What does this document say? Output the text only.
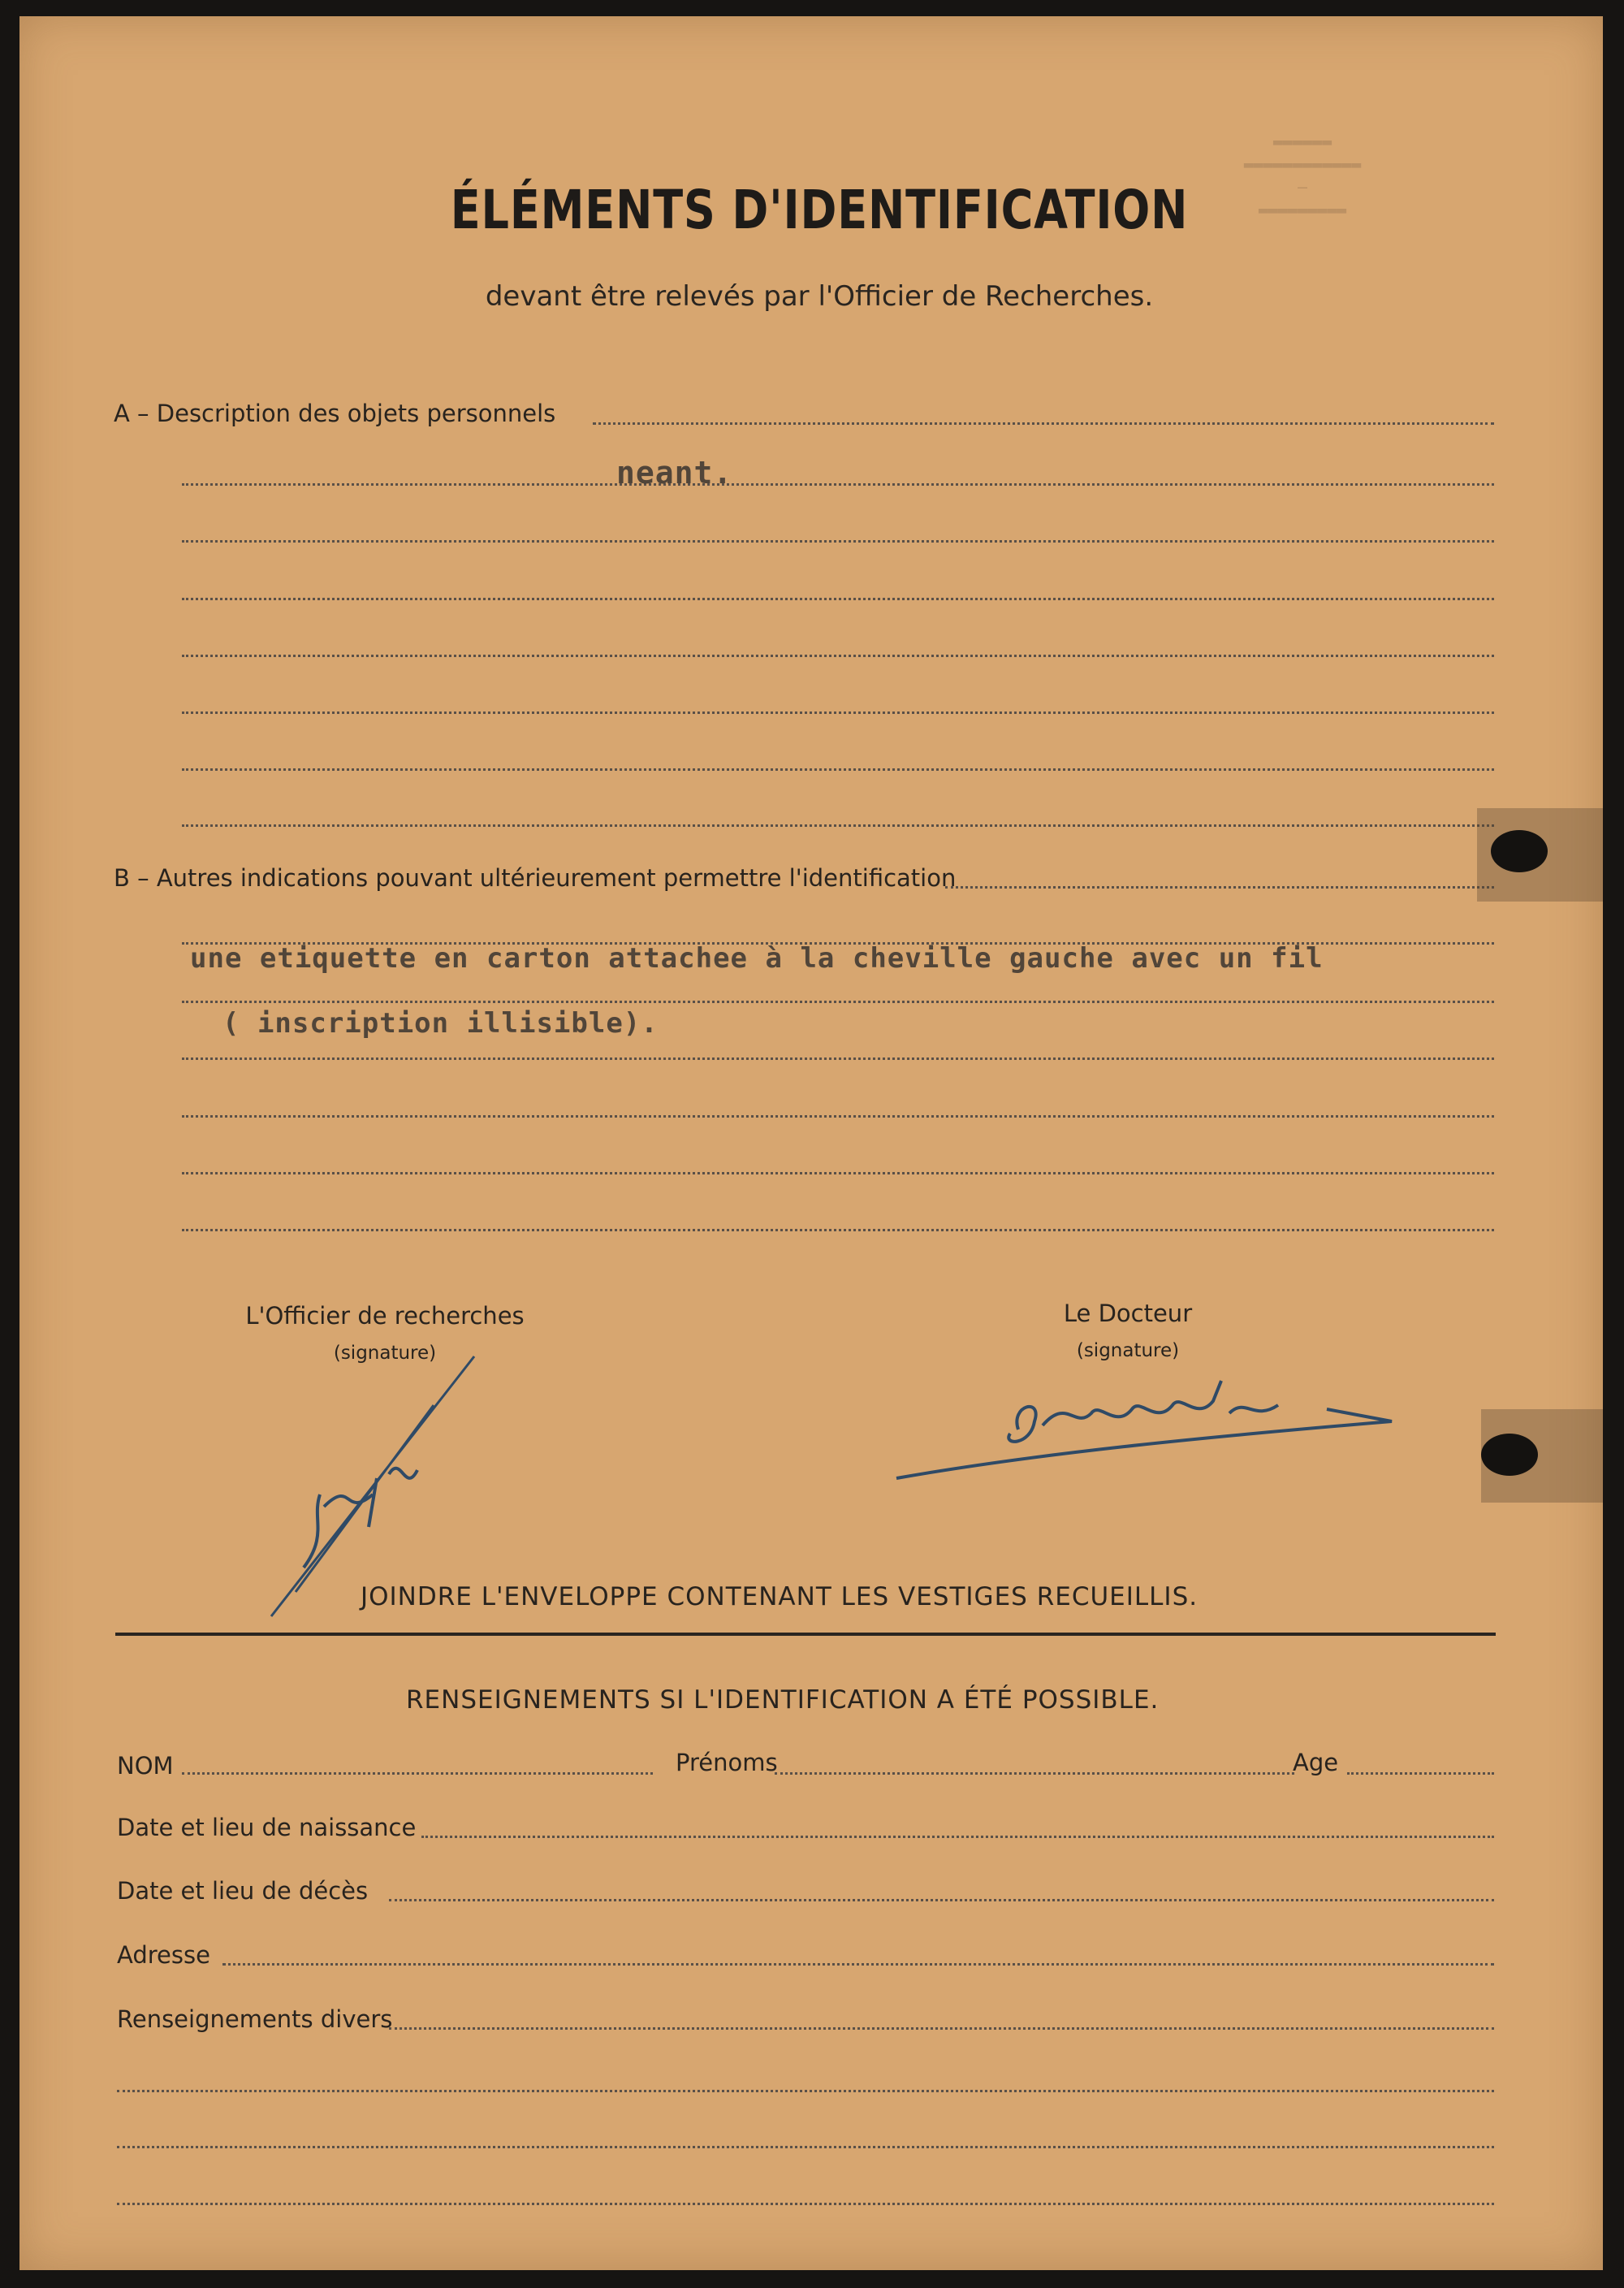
▬▬▬▬▬▬
▬▬▬▬▬▬▬▬▬▬▬▬
—
▬▬▬▬▬▬▬▬▬
ÉLÉMENTS D'IDENTIFICATION
devant être relevés par l'Officier de Recherches.
A – Description des objets personnels
neant.
B – Autres indications pouvant ultérieurement permettre l'identification
une etiquette en carton attachee à la cheville gauche avec un fil
( inscription illisible).
L'Officier de recherches
(signature)
Le Docteur
(signature)
JOINDRE L'ENVELOPPE CONTENANT LES VESTIGES RECUEILLIS.
RENSEIGNEMENTS SI L'IDENTIFICATION A ÉTÉ POSSIBLE.
NOM	Prénoms	Age
Date et lieu de naissance
Date et lieu de décès
Adresse
Renseignements divers
